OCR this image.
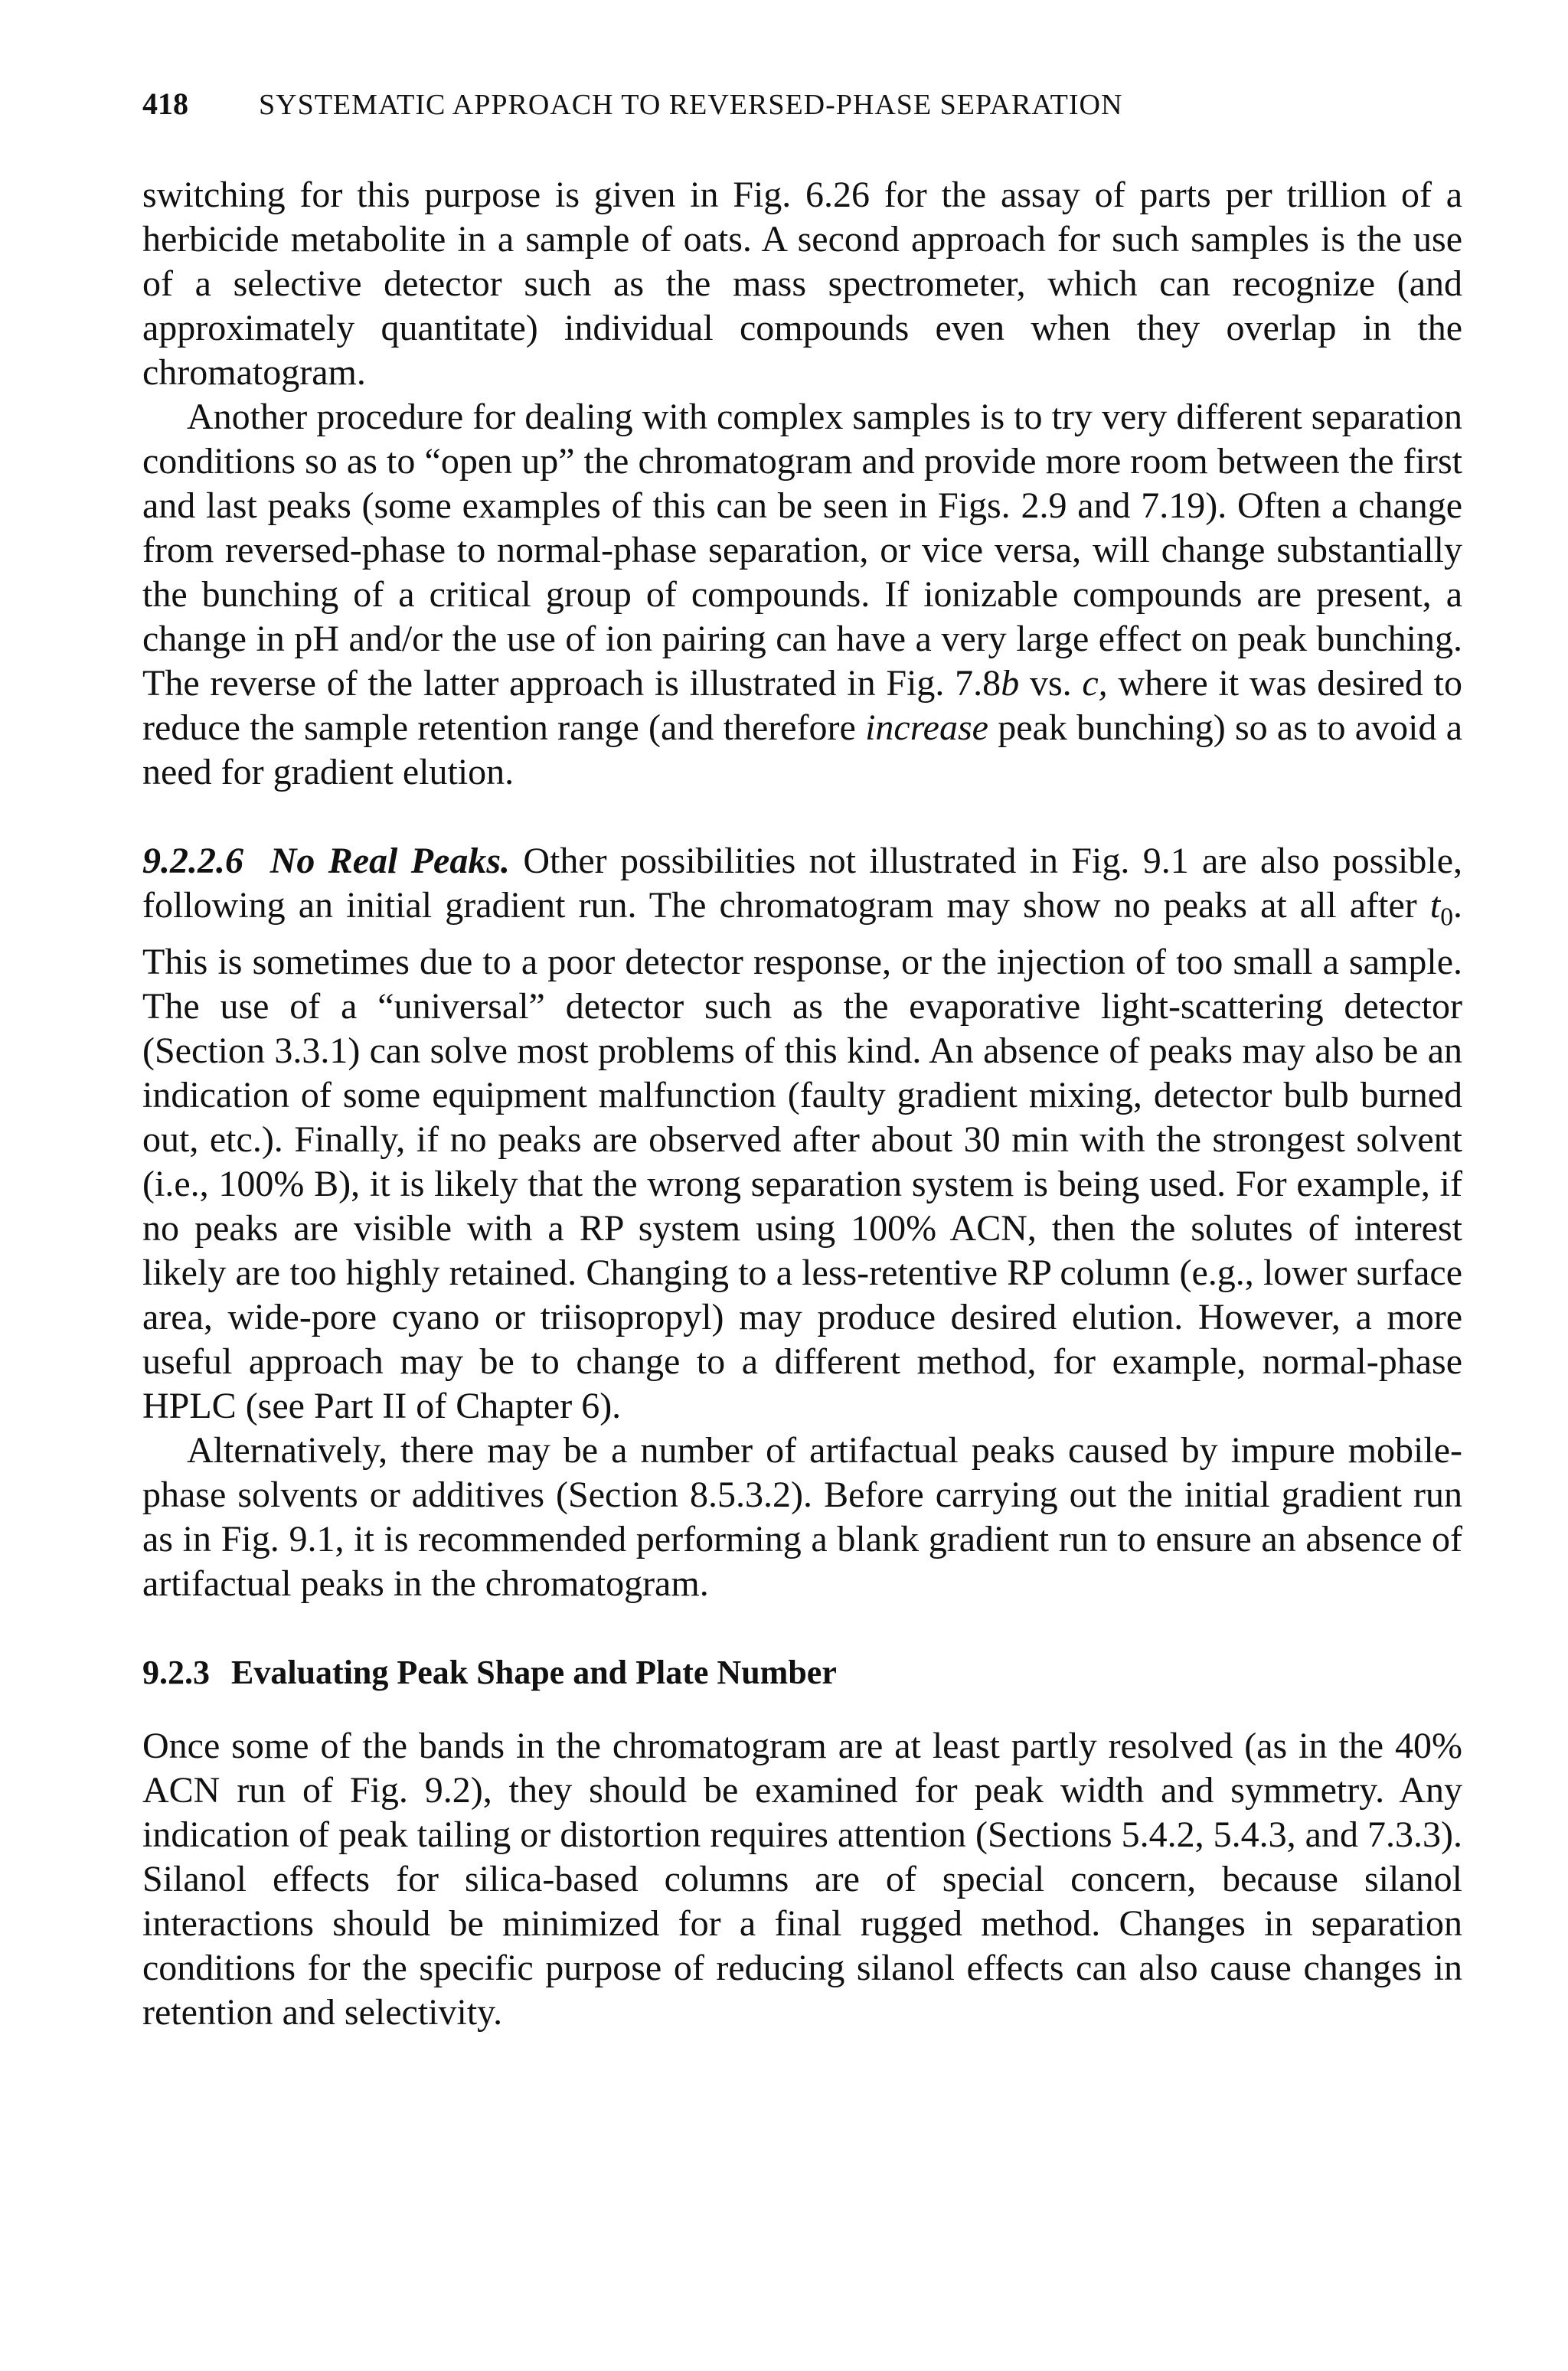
418	SYSTEMATIC APPROACH TO REVERSED-PHASE SEPARATION

switching for this purpose is given in Fig. 6.26 for the assay of parts per trillion of a herbicide metabolite in a sample of oats. A second approach for such samples is the use of a selective detector such as the mass spectrometer, which can recognize (and approximately quantitate) individual compounds even when they overlap in the chromatogram.

Another procedure for dealing with complex samples is to try very different separation conditions so as to “open up” the chromatogram and provide more room between the first and last peaks (some examples of this can be seen in Figs. 2.9 and 7.19). Often a change from reversed-phase to normal-phase separation, or vice versa, will change substantially the bunching of a critical group of compounds. If ionizable compounds are present, a change in pH and/or the use of ion pairing can have a very large effect on peak bunching. The reverse of the latter approach is illustrated in Fig. 7.8b vs. c, where it was desired to reduce the sample retention range (and therefore increase peak bunching) so as to avoid a need for gradient elution.

9.2.2.6 No Real Peaks. Other possibilities not illustrated in Fig. 9.1 are also possible, following an initial gradient run. The chromatogram may show no peaks at all after $t_0$. This is sometimes due to a poor detector response, or the injection of too small a sample. The use of a “universal” detector such as the evaporative light-scattering detector (Section 3.3.1) can solve most problems of this kind. An absence of peaks may also be an indication of some equipment malfunction (faulty gradient mixing, detector bulb burned out, etc.). Finally, if no peaks are observed after about 30 min with the strongest solvent (i.e., 100% B), it is likely that the wrong separation system is being used. For example, if no peaks are visible with a RP system using 100% ACN, then the solutes of interest likely are too highly retained. Changing to a less-retentive RP column (e.g., lower surface area, wide-pore cyano or triisopropyl) may produce desired elution. However, a more useful approach may be to change to a different method, for example, normal-phase HPLC (see Part II of Chapter 6).

Alternatively, there may be a number of artifactual peaks caused by impure mobile-phase solvents or additives (Section 8.5.3.2). Before carrying out the initial gradient run as in Fig. 9.1, it is recommended performing a blank gradient run to ensure an absence of artifactual peaks in the chromatogram.

9.2.3 Evaluating Peak Shape and Plate Number

Once some of the bands in the chromatogram are at least partly resolved (as in the 40% ACN run of Fig. 9.2), they should be examined for peak width and symmetry. Any indication of peak tailing or distortion requires attention (Sections 5.4.2, 5.4.3, and 7.3.3). Silanol effects for silica-based columns are of special concern, because silanol interactions should be minimized for a final rugged method. Changes in separation conditions for the specific purpose of reducing silanol effects can also cause changes in retention and selectivity.
